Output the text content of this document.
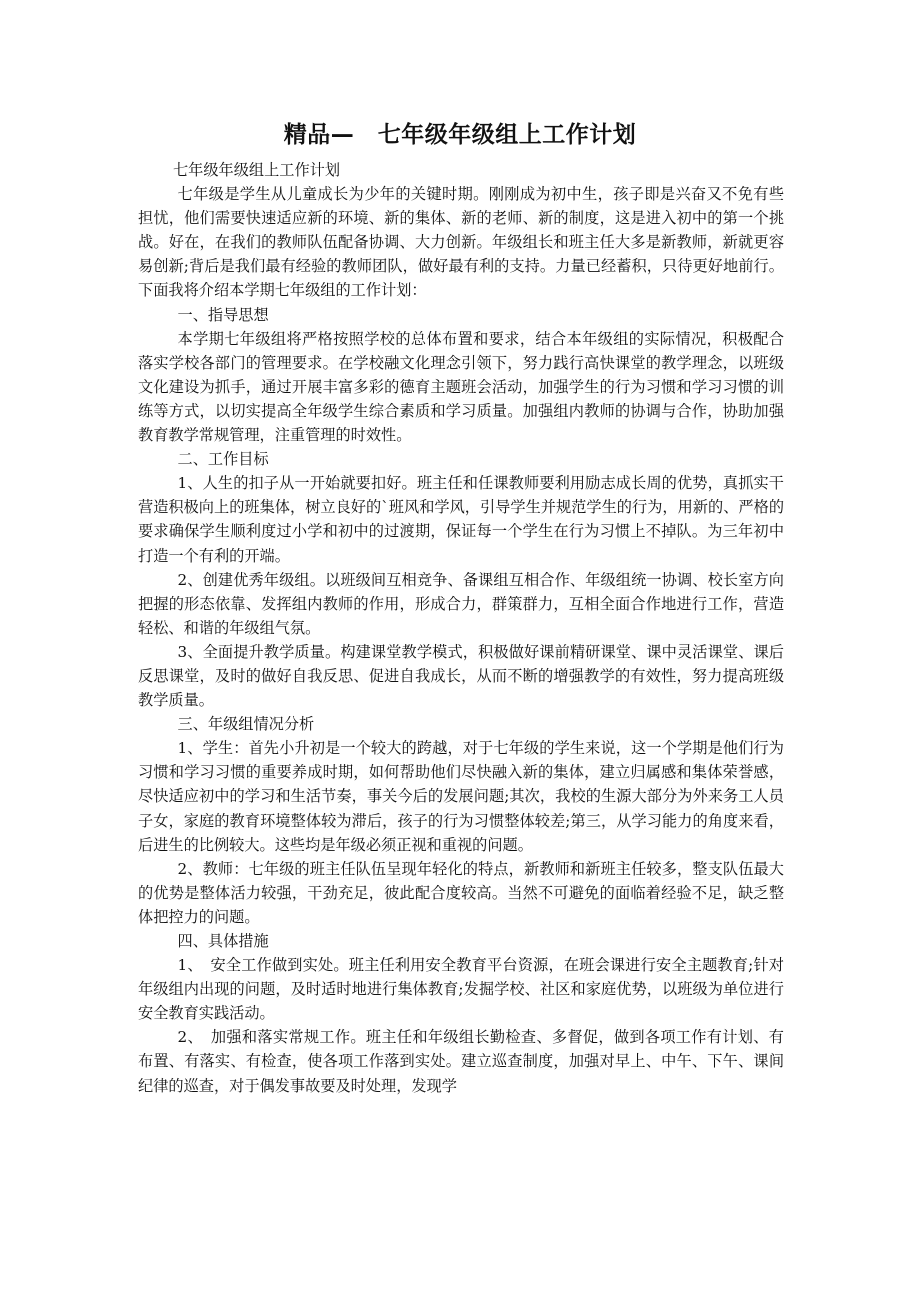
精品—　七年级年级组上工作计划

七年级年级组上工作计划

七年级是学生从儿童成长为少年的关键时期。刚刚成为初中生，孩子即是兴奋又不免有些担忧，他们需要快速适应新的环境、新的集体、新的老师、新的制度，这是进入初中的第一个挑战。好在，在我们的教师队伍配备协调、大力创新。年级组长和班主任大多是新教师，新就更容易创新;背后是我们最有经验的教师团队，做好最有利的支持。力量已经蓄积，只待更好地前行。下面我将介绍本学期七年级组的工作计划：

一、指导思想

本学期七年级组将严格按照学校的总体布置和要求，结合本年级组的实际情况，积极配合落实学校各部门的管理要求。在学校融文化理念引领下，努力践行高快课堂的教学理念，以班级文化建设为抓手，通过开展丰富多彩的德育主题班会活动，加强学生的行为习惯和学习习惯的训练等方式，以切实提高全年级学生综合素质和学习质量。加强组内教师的协调与合作，协助加强教育教学常规管理，注重管理的时效性。

二、工作目标

1、人生的扣子从一开始就要扣好。班主任和任课教师要利用励志成长周的优势，真抓实干营造积极向上的班集体，树立良好的`班风和学风，引导学生并规范学生的行为，用新的、严格的要求确保学生顺利度过小学和初中的过渡期，保证每一个学生在行为习惯上不掉队。为三年初中打造一个有利的开端。

2、创建优秀年级组。以班级间互相竞争、备课组互相合作、年级组统一协调、校长室方向把握的形态依靠、发挥组内教师的作用，形成合力，群策群力，互相全面合作地进行工作，营造轻松、和谐的年级组气氛。

3、全面提升教学质量。构建课堂教学模式，积极做好课前精研课堂、课中灵活课堂、课后反思课堂，及时的做好自我反思、促进自我成长，从而不断的增强教学的有效性，努力提高班级教学质量。

三、年级组情况分析

1、学生：首先小升初是一个较大的跨越，对于七年级的学生来说，这一个学期是他们行为习惯和学习习惯的重要养成时期，如何帮助他们尽快融入新的集体，建立归属感和集体荣誉感，尽快适应初中的学习和生活节奏，事关今后的发展问题;其次，我校的生源大部分为外来务工人员子女，家庭的教育环境整体较为滞后，孩子的行为习惯整体较差;第三，从学习能力的角度来看，后进生的比例较大。这些均是年级必须正视和重视的问题。

2、教师：七年级的班主任队伍呈现年轻化的特点，新教师和新班主任较多，整支队伍最大的优势是整体活力较强，干劲充足，彼此配合度较高。当然不可避免的面临着经验不足，缺乏整体把控力的问题。

四、具体措施

1、　安全工作做到实处。班主任利用安全教育平台资源，在班会课进行安全主题教育;针对年级组内出现的问题，及时适时地进行集体教育;发掘学校、社区和家庭优势，以班级为单位进行安全教育实践活动。

2、　加强和落实常规工作。班主任和年级组长勤检查、多督促，做到各项工作有计划、有布置、有落实、有检查，使各项工作落到实处。建立巡查制度，加强对早上、中午、下午、课间纪律的巡查，对于偶发事故要及时处理，发现学
